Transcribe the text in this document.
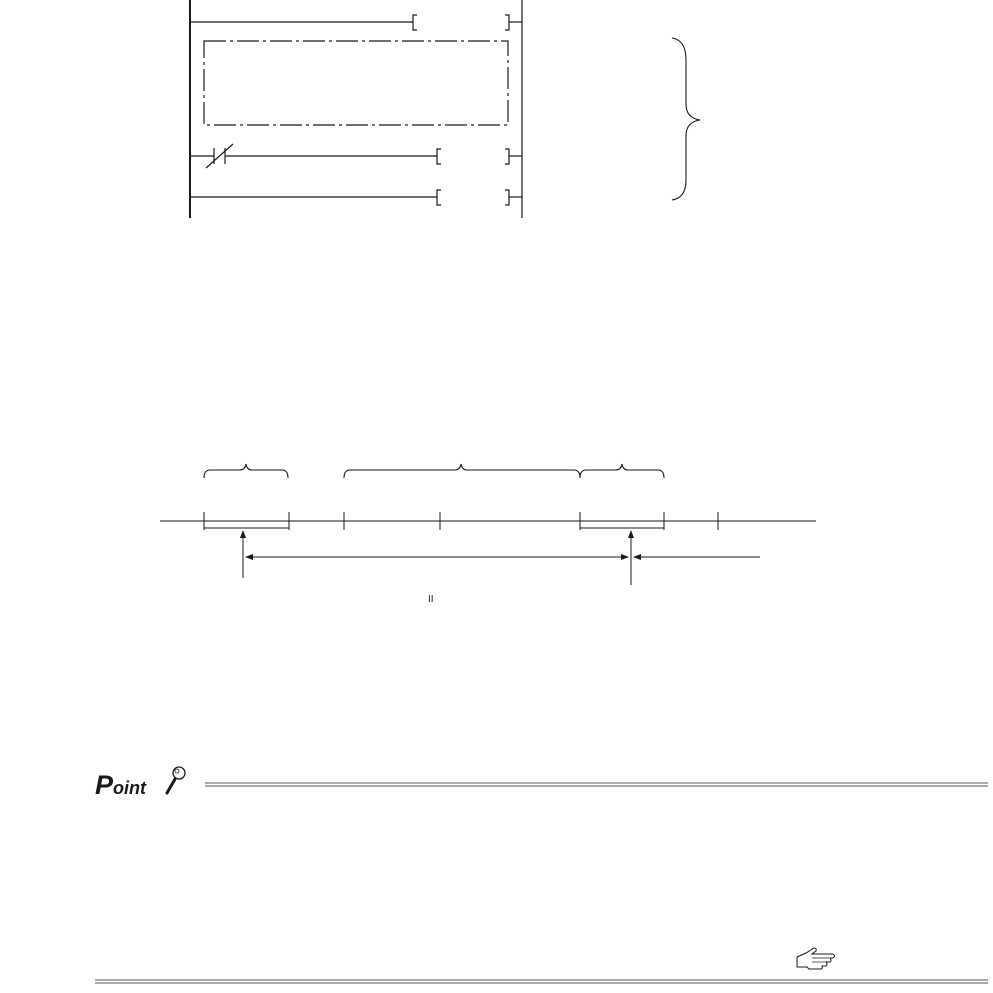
II
P oint
